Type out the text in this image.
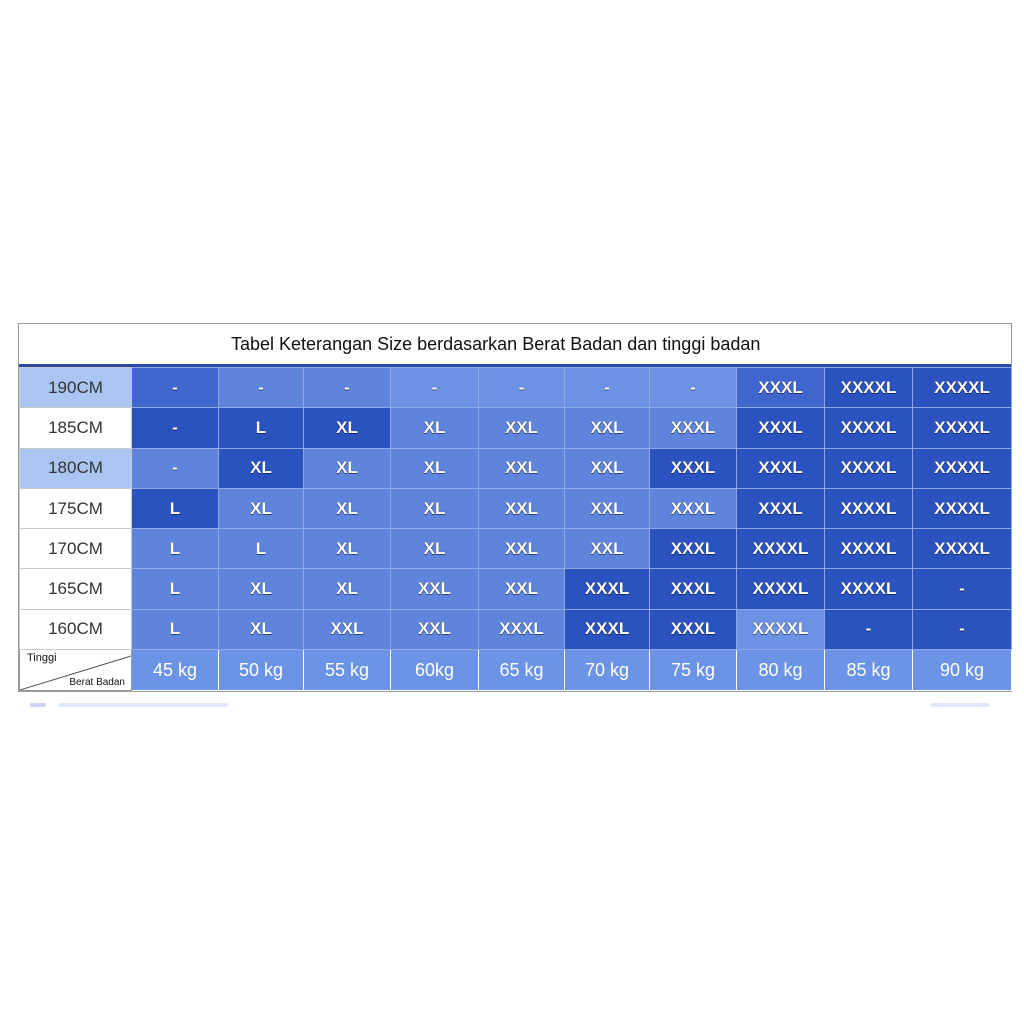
Tabel Keterangan Size berdasarkan Berat Badan dan tinggi badan
190CM	-	-	-	-	-	-	-	XXXL	XXXXL	XXXXL
185CM	-	L	XL	XL	XXL	XXL	XXXL	XXXL	XXXXL	XXXXL
180CM	-	XL	XL	XL	XXL	XXL	XXXL	XXXL	XXXXL	XXXXL
175CM	L	XL	XL	XL	XXL	XXL	XXXL	XXXL	XXXXL	XXXXL
170CM	L	L	XL	XL	XXL	XXL	XXXL	XXXXL	XXXXL	XXXXL
165CM	L	XL	XL	XXL	XXL	XXXL	XXXL	XXXXL	XXXXL	-
160CM	L	XL	XXL	XXL	XXXL	XXXL	XXXL	XXXXL	-	-

Tinggi
Berat Badan	45 kg	50 kg	55 kg	60kg	65 kg	70 kg	75 kg	80 kg	85 kg	90 kg
